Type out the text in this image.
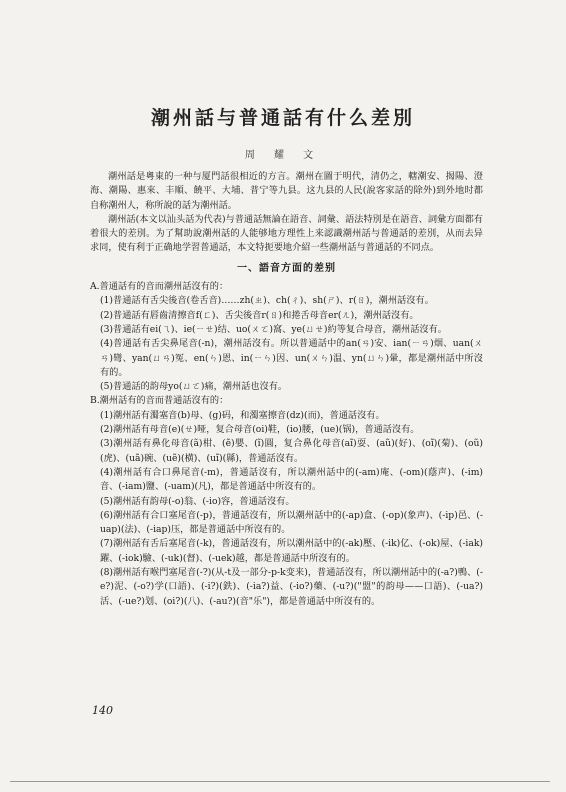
潮州話与普通話有什么差別
周 耀 文

潮州話是粵東的一种与厦門話很相近的方言。潮州在圖于明代，清仍之，轄潮安、揭陽、澄海、潮陽、惠來、丰順、饒平、大埔、普宁等九县。这九县的人民(說客家話的除外)到外地时都自称潮州人，称所說的話为潮州話。

潮州話(本文以汕头話为代表)与普通話無論在語音、詞彙、語法特別是在語音、詞彙方面都有着很大的差別。为了幫助說潮州話的人能够地方理性上来認識潮州話与普通話的差別，从而去异求同，使有利于正确地学習普通話，本文特扼要地介紹一些潮州話与普通話的不同点。

一、語音方面的差别

A.普通話有的音而潮州話沒有的：

(1)普通話有舌尖後音(卷舌音)……zh(ㄓ)、ch(ㄔ)、sh(ㄕ)、r(ㄖ)，潮州話沒有。

(2)普通話有唇齒清擦音f(ㄈ)、舌尖後音r(ㄖ)和捲舌母音er(ㄦ)，潮州話沒有。

(3)普通話有ei(ㄟ)、ie(ㄧㄝ)结、uo(ㄨㄛ)窩、ye(ㄩㄝ)約等复合母音，潮州話沒有。

(4)普通話有舌尖鼻尾音(-n)，潮州話沒有。所以普通話中的an(ㄢ)安、ian(ㄧㄢ)烟、uan(ㄨㄢ)彎、yan(ㄩㄢ)冤、en(ㄣ)恩、in(ㄧㄣ)因、un(ㄨㄣ)温、yn(ㄩㄣ)暈，都是潮州話中所沒有的。

(5)普通話的韵母yo(ㄩㄛ)痛，潮州話也沒有。

B.潮州話有的音而普通話沒有的：

(1)潮州話有濁塞音(b)母、(g)码，和濁塞擦音(dz)(而)，普通話沒有。

(2)潮州話有母音(e)(ㄝ)哑，复合母音(oi)鞋，(io)腰，(ue)(锅)，普通話沒有。

(3)潮州話有鼻化母音(ã)柑、(ẽ)嬰、(ĩ)圓，复合鼻化母音(aĩ)耍、(aũ)(好)、(oĩ)(菊)、(oũ)(虎)、(uã)碗、(uẽ)(横)、(uĩ)(縣)，普通話沒有。

(4)潮州話有合口鼻尾音(-m)，普通話沒有，所以潮州話中的(-am)庵、(-om)(蔭声)、(-im)音、(-iam)鹽、(-uam)(凡)，都是普通話中所沒有的。

(5)潮州話有韵母(-o)翁、(-io)容，普通話沒有。

(6)潮州話有合口塞尾音(-p)，普通話沒有，所以潮州話中的(-ap)盒、(-op)(象声)、(-ip)邑、(-uap)(法)、(-iap)压，都是普通話中所沒有的。

(7)潮州話有舌后塞尾音(-k)，普通話沒有，所以潮州話中的(-ak)壓、(-ik)亿、(-ok)屋、(-iak)躍、(-iok)驗、(-uk)(督)、(-uek)越，都是普通話中所沒有的。

(8)潮州話有喉門塞尾音(-?)(从-t及一部分-p-k变来)，普通話沒有，所以潮州話中的(-a?)鴨、(-e?)泥、(-o?)学(口語)、(-i?)(鉄)、(-ia?)益、(-io?)藥、(-u?)("盟"的韵母——口語)、(-ua?)活、(-ue?)划、(oi?)(八)、(-au?)(音"乐")，都是普通話中所沒有的。

140
